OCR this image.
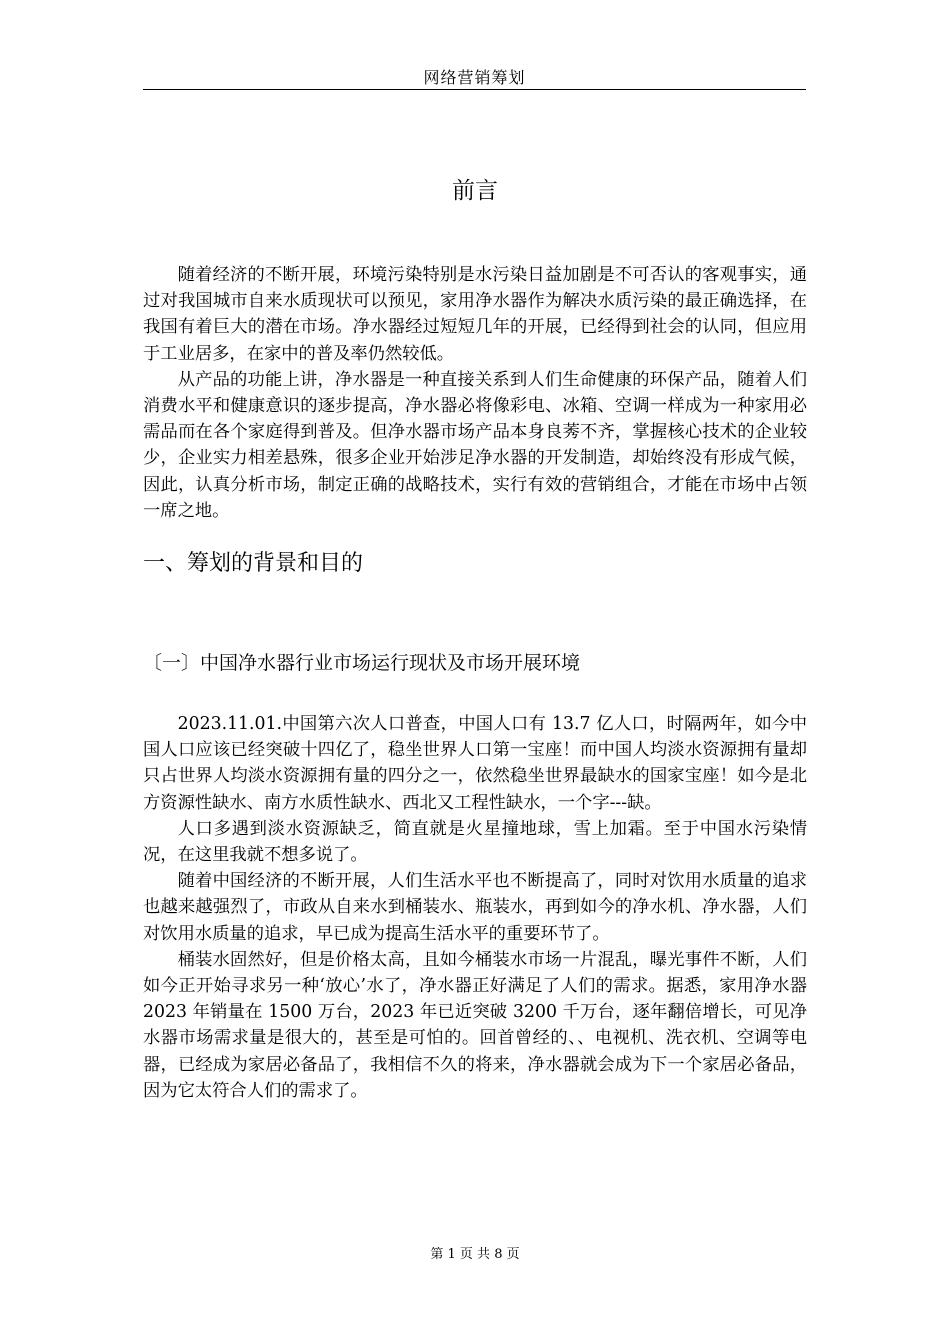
网络营销筹划
前言

随着经济的不断开展，环境污染特别是水污染日益加剧是不可否认的客观事实，通过对我国城市自来水质现状可以预见，家用净水器作为解决水质污染的最正确选择，在我国有着巨大的潜在市场。净水器经过短短几年的开展，已经得到社会的认同，但应用于工业居多，在家中的普及率仍然较低。

从产品的功能上讲，净水器是一种直接关系到人们生命健康的环保产品，随着人们消费水平和健康意识的逐步提高，净水器必将像彩电、冰箱、空调一样成为一种家用必需品而在各个家庭得到普及。但净水器市场产品本身良莠不齐，掌握核心技术的企业较少，企业实力相差悬殊，很多企业开始涉足净水器的开发制造，却始终没有形成气候，因此，认真分析市场，制定正确的战略技术，实行有效的营销组合，才能在市场中占领一席之地。

一、筹划的背景和目的
〔一〕中国净水器行业市场运行现状及市场开展环境

2023.11.01.中国第六次人口普查，中国人口有 13.7 亿人口，时隔两年，如今中国人口应该已经突破十四亿了，稳坐世界人口第一宝座！而中国人均淡水资源拥有量却只占世界人均淡水资源拥有量的四分之一，依然稳坐世界最缺水的国家宝座！如今是北方资源性缺水、南方水质性缺水、西北又工程性缺水，一个字---缺。

人口多遇到淡水资源缺乏，简直就是火星撞地球，雪上加霜。至于中国水污染情况，在这里我就不想多说了。

随着中国经济的不断开展，人们生活水平也不断提高了，同时对饮用水质量的追求也越来越强烈了，市政从自来水到桶装水、瓶装水，再到如今的净水机、净水器，人们对饮用水质量的追求，早已成为提高生活水平的重要环节了。

桶装水固然好，但是价格太高，且如今桶装水市场一片混乱，曝光事件不断，人们如今正开始寻求另一种‘放心’水了，净水器正好满足了人们的需求。据悉，家用净水器 2023 年销量在 1500 万台，2023 年已近突破 3200 千万台，逐年翻倍增长，可见净水器市场需求量是很大的，甚至是可怕的。回首曾经的、、电视机、洗衣机、空调等电器，已经成为家居必备品了，我相信不久的将来，净水器就会成为下一个家居必备品，因为它太符合人们的需求了。

第 1 页 共 8 页
